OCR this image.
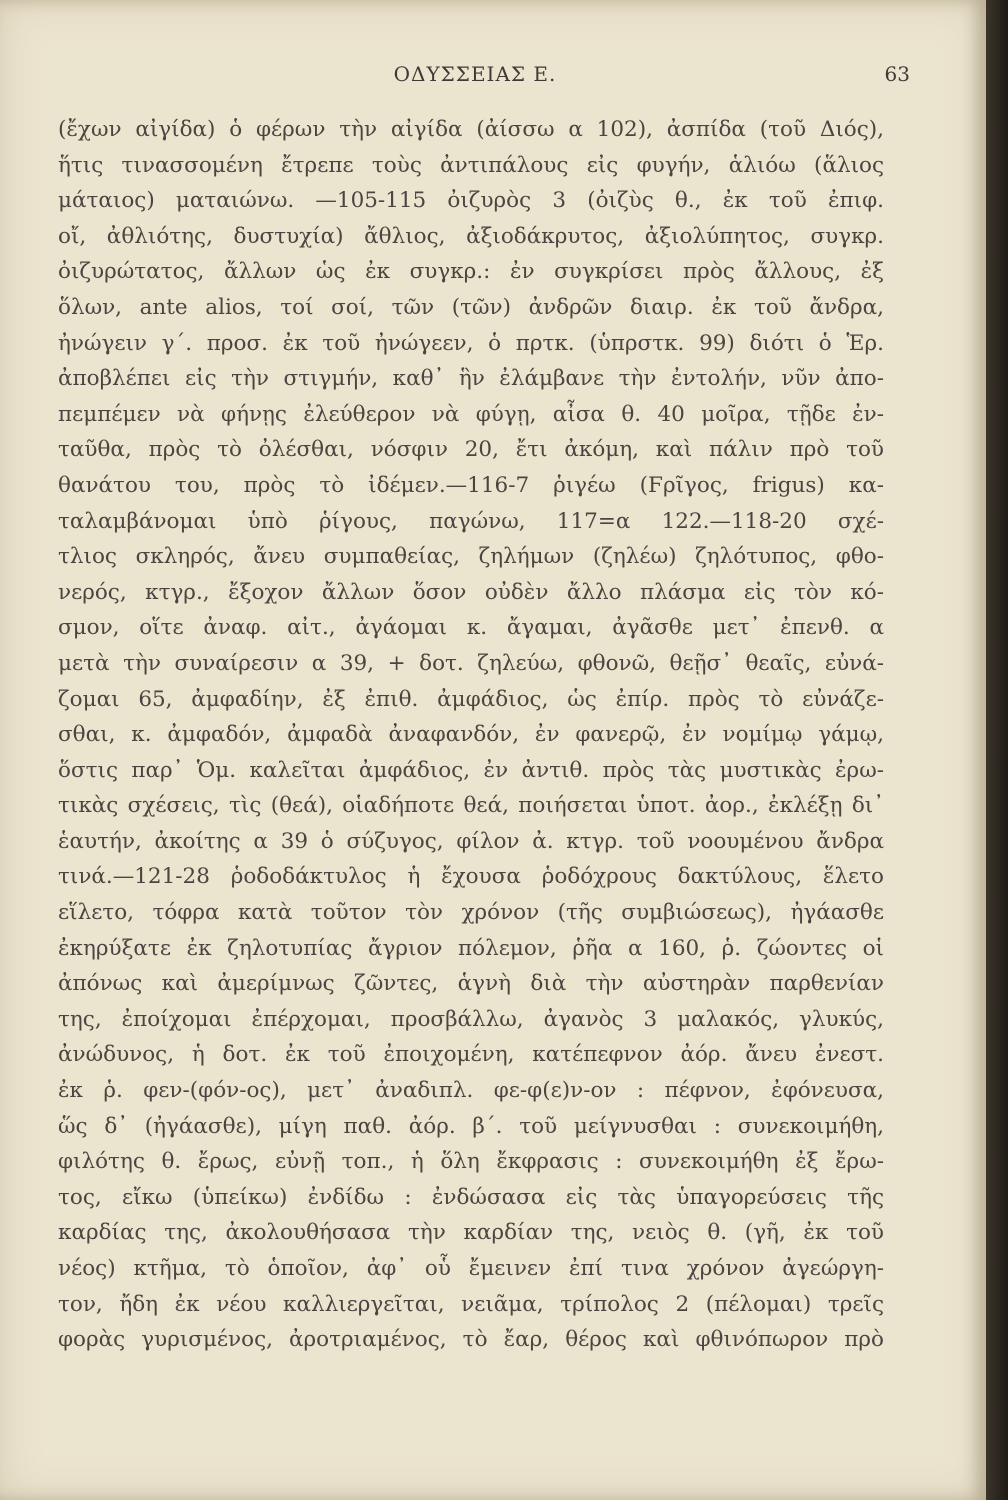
ΟΔΥΣΣΕΙΑΣ Ε.	63
(ἔχων αἰγίδα) ὁ φέρων τὴν αἰγίδα (ἀίσσω α 102), ἀσπίδα (τοῦ Διός),
ἥτις τινασσομένη ἔτρεπε τοὺς ἀντιπάλους εἰς φυγήν, ἁλιόω (ἅλιος
μάταιος) ματαιώνω. —105-115 ὀιζυρὸς 3 (ὀιζὺς θ., ἐκ τοῦ ἐπιφ.
οἴ, ἀθλιότης, δυστυχία) ἄθλιος, ἀξιοδάκρυτος, ἀξιολύπητος, συγκρ.
ὀιζυρώτατος, ἄλλων ὡς ἐκ συγκρ.: ἐν συγκρίσει πρὸς ἄλλους, ἐξ
ὅλων, ante alios, τοί σοί, τῶν (τῶν) ἀνδρῶν διαιρ. ἐκ τοῦ ἄνδρα,
ἠνώγειν γ΄. προσ. ἐκ τοῦ ἠνώγεεν, ὁ πρτκ. (ὑπρστκ. 99) διότι ὁ Ἑρ.
ἀποβλέπει εἰς τὴν στιγμήν, καθ᾽ ἣν ἐλάμβανε τὴν ἐντολήν, νῦν ἀπο-
πεμπέμεν νὰ φήνῃς ἐλεύθερον νὰ φύγῃ, αἶσα θ. 40 μοῖρα, τῇδε ἐν-
ταῦθα, πρὸς τὸ ὀλέσθαι, νόσφιν 20, ἔτι ἀκόμη, καὶ πάλιν πρὸ τοῦ
θανάτου του, πρὸς τὸ ἰδέμεν.—116-7 ῥιγέω (Ϝρῖγος, frigus) κα-
ταλαμβάνομαι ὑπὸ ῥίγους, παγώνω, 117=α 122.—118-20 σχέ-
τλιος σκληρός, ἄνευ συμπαθείας, ζηλήμων (ζηλέω) ζηλότυπος, φθο-
νερός, κτγρ., ἔξοχον ἄλλων ὅσον οὐδὲν ἄλλο πλάσμα εἰς τὸν κό-
σμον, οἵτε ἀναφ. αἰτ., ἀγάομαι κ. ἄγαμαι, ἀγᾶσθε μετ᾽ ἐπενθ. α
μετὰ τὴν συναίρεσιν α 39, + δοτ. ζηλεύω, φθονῶ, θεῇσ᾽ θεαῖς, εὐνά-
ζομαι 65, ἀμφαδίην, ἐξ ἐπιθ. ἀμφάδιος, ὡς ἐπίρ. πρὸς τὸ εὐνάζε-
σθαι, κ. ἀμφαδόν, ἀμφαδὰ ἀναφανδόν, ἐν φανερῷ, ἐν νομίμῳ γάμῳ,
ὅστις παρ᾽ Ὁμ. καλεῖται ἀμφάδιος, ἐν ἀντιθ. πρὸς τὰς μυστικὰς ἐρω-
τικὰς σχέσεις, τὶς (θεά), οἱαδήποτε θεά, ποιήσεται ὑποτ. ἀορ., ἐκλέξῃ δι᾽
ἑαυτήν, ἀκοίτης α 39 ὁ σύζυγος, φίλον ἀ. κτγρ. τοῦ νοουμένου ἄνδρα
τινά.—121-28 ῥοδοδάκτυλος ἡ ἔχουσα ῥοδόχρους δακτύλους, ἕλετο
εἵλετο, τόφρα κατὰ τοῦτον τὸν χρόνον (τῆς συμβιώσεως), ἠγάασθε
ἐκηρύξατε ἐκ ζηλοτυπίας ἄγριον πόλεμον, ῥῆα α 160, ῥ. ζώοντες οἱ
ἀπόνως καὶ ἀμερίμνως ζῶντες, ἁγνὴ διὰ τὴν αὐστηρὰν παρθενίαν
της, ἐποίχομαι ἐπέρχομαι, προσβάλλω, ἀγανὸς 3 μαλακός, γλυκύς,
ἀνώδυνος, ἡ δοτ. ἐκ τοῦ ἐποιχομένη, κατέπεφνον ἀόρ. ἄνευ ἐνεστ.
ἐκ ῥ. φεν-(φόν-ος), μετ᾽ ἀναδιπλ. φε-φ(ε)ν-ον : πέφνον, ἐφόνευσα,
ὥς δ᾽ (ἠγάασθε), μίγη παθ. ἀόρ. β΄. τοῦ μείγνυσθαι : συνεκοιμήθη,
φιλότης θ. ἔρως, εὐνῇ τοπ., ἡ ὅλη ἔκφρασις : συνεκοιμήθη ἐξ ἔρω-
τος, εἴκω (ὑπείκω) ἐνδίδω : ἐνδώσασα εἰς τὰς ὑπαγορεύσεις τῆς
καρδίας της, ἀκολουθήσασα τὴν καρδίαν της, νειὸς θ. (γῆ, ἐκ τοῦ
νέος) κτῆμα, τὸ ὁποῖον, ἀφ᾽ οὗ ἔμεινεν ἐπί τινα χρόνον ἀγεώργη-
τον, ἤδη ἐκ νέου καλλιεργεῖται, νειᾶμα, τρίπολος 2 (πέλομαι) τρεῖς
φορὰς γυρισμένος, ἀροτριαμένος, τὸ ἔαρ, θέρος καὶ φθινόπωρον πρὸ
